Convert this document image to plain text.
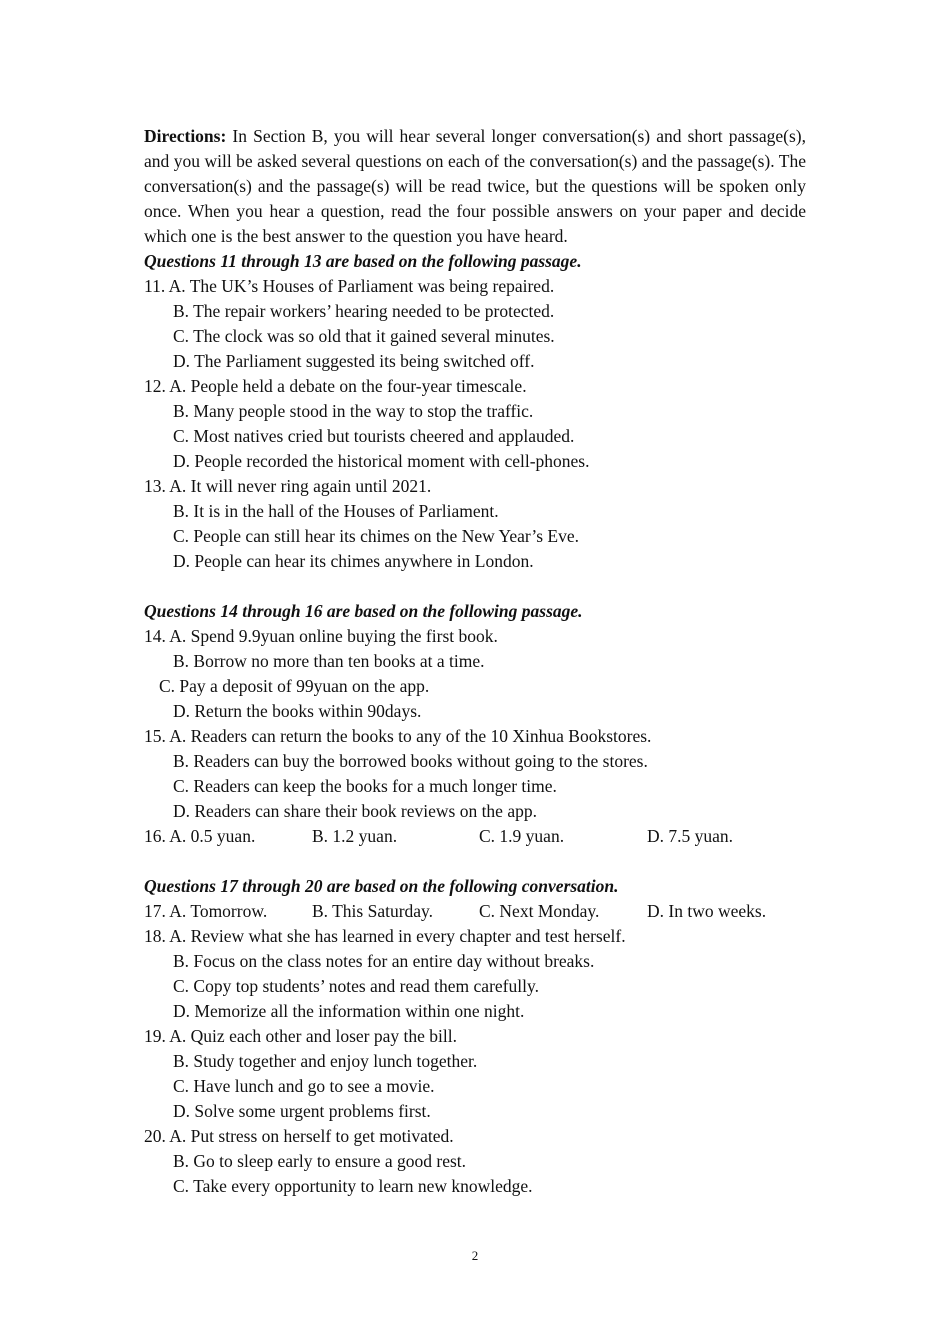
Directions: In Section B, you will hear several longer conversation(s) and short passage(s), and you will be asked several questions on each of the conversation(s) and the passage(s). The conversation(s) and the passage(s) will be read twice, but the questions will be spoken only once. When you hear a question, read the four possible answers on your paper and decide which one is the best answer to the question you have heard.

Questions 11 through 13 are based on the following passage.

11. A. The UK’s Houses of Parliament was being repaired.

B. The repair workers’ hearing needed to be protected.

C. The clock was so old that it gained several minutes.

D. The Parliament suggested its being switched off.

12. A. People held a debate on the four-year timescale.

B. Many people stood in the way to stop the traffic.

C. Most natives cried but tourists cheered and applauded.

D. People recorded the historical moment with cell-phones.

13. A. It will never ring again until 2021.

B. It is in the hall of the Houses of Parliament.

C. People can still hear its chimes on the New Year’s Eve.

D. People can hear its chimes anywhere in London.

Questions 14 through 16 are based on the following passage.

14. A. Spend 9.9yuan online buying the first book.

B. Borrow no more than ten books at a time.

C. Pay a deposit of 99yuan on the app.

D. Return the books within 90days.

15. A. Readers can return the books to any of the 10 Xinhua Bookstores.

B. Readers can buy the borrowed books without going to the stores.

C. Readers can keep the books for a much longer time.

D. Readers can share their book reviews on the app.

16. A. 0.5 yuan.	B. 1.2 yuan.	C. 1.9 yuan.	D. 7.5 yuan.

Questions 17 through 20 are based on the following conversation.

17. A. Tomorrow.	B. This Saturday.	C. Next Monday.	D. In two weeks.

18. A. Review what she has learned in every chapter and test herself.

B. Focus on the class notes for an entire day without breaks.

C. Copy top students’ notes and read them carefully.

D. Memorize all the information within one night.

19. A. Quiz each other and loser pay the bill.

B. Study together and enjoy lunch together.

C. Have lunch and go to see a movie.

D. Solve some urgent problems first.

20. A. Put stress on herself to get motivated.

B. Go to sleep early to ensure a good rest.

C. Take every opportunity to learn new knowledge.

2
